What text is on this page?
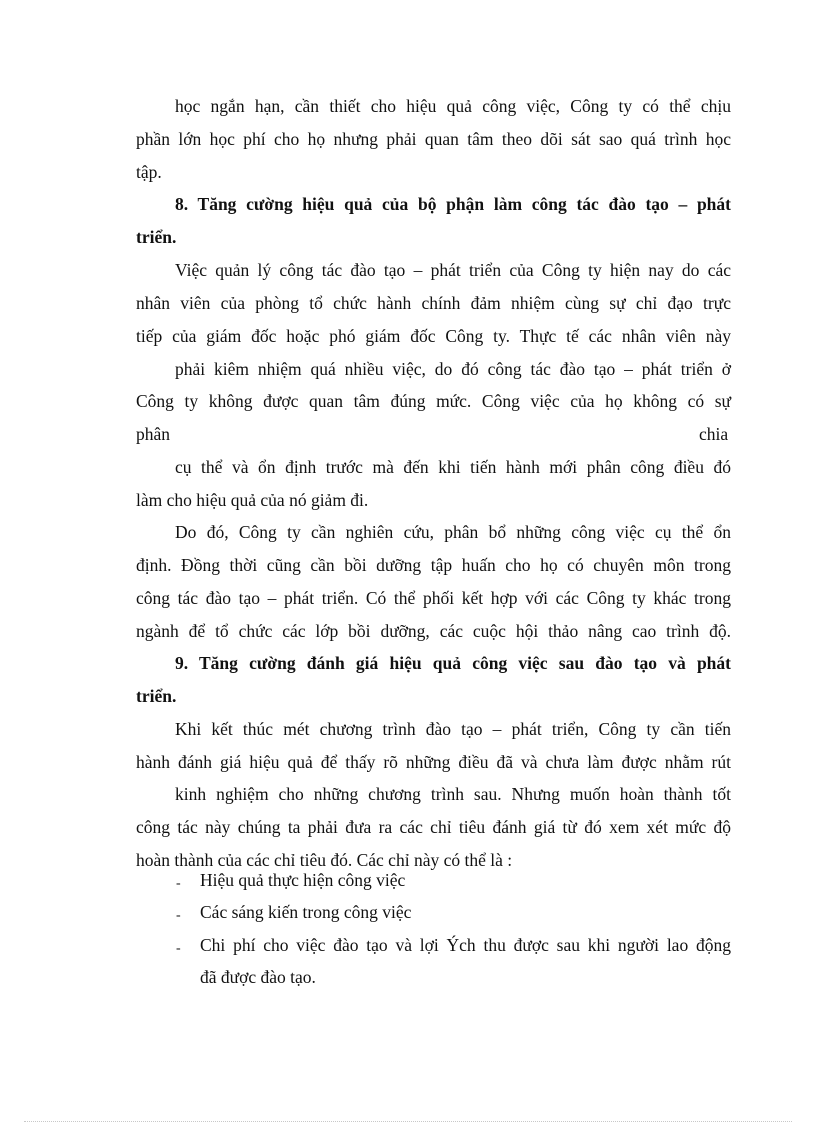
học ngắn hạn, cần thiết cho hiệu quả công việc, Công ty có thể chịu
phần lớn học phí cho họ nhưng phải quan tâm theo dõi sát sao quá trình học
tập.
8. Tăng cường hiệu quả của bộ phận làm công tác đào tạo – phát
triển.
Việc quản lý công tác đào tạo – phát triển của Công ty hiện nay do các
nhân viên của phòng tổ chức hành chính đảm nhiệm cùng sự chỉ đạo trực
tiếp của giám đốc hoặc phó giám đốc Công ty. Thực tế các nhân viên này
phải kiêm nhiệm quá nhiều việc, do đó công tác đào tạo – phát triển ở
Công ty không được quan tâm đúng mức. Công việc của họ không có sự
phân	chia
cụ thể và ổn định trước mà đến khi tiến hành mới phân công điều đó
làm cho hiệu quả của nó giảm đi.
Do đó, Công ty cần nghiên cứu, phân bổ những công việc cụ thể ổn
định. Đồng thời cũng cần bồi dưỡng tập huấn cho họ có chuyên môn trong
công tác đào tạo – phát triển. Có thể phối kết hợp với các Công ty khác trong
ngành để tổ chức các lớp bồi dưỡng, các cuộc hội thảo nâng cao trình độ.
9. Tăng cường đánh giá hiệu quả công việc sau đào tạo và phát
triển.
Khi kết thúc mét chương trình đào tạo – phát triển, Công ty cần tiến
hành đánh giá hiệu quả để thấy rõ những điều đã và chưa làm được nhằm rút
kinh nghiệm cho những chương trình sau. Nhưng muốn hoàn thành tốt
công tác này chúng ta phải đưa ra các chỉ tiêu đánh giá từ đó xem xét mức độ
hoàn thành của các chỉ tiêu đó. Các chỉ này có thể là :
- Hiệu quả thực hiện công việc
- Các sáng kiến trong công việc
- Chi phí cho việc đào tạo và lợi Ých thu được sau khi người lao động
đã được đào tạo.
